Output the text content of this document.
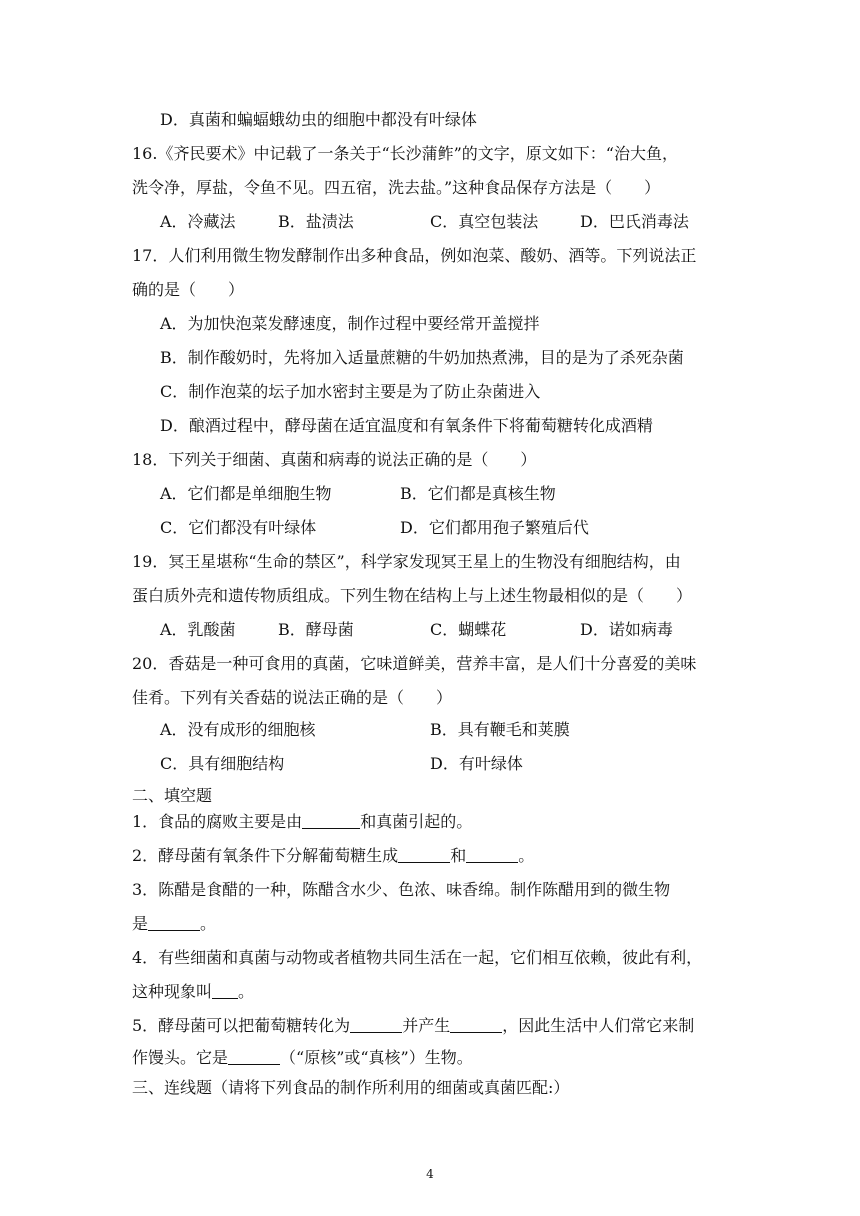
D．真菌和蝙蝠蛾幼虫的细胞中都没有叶绿体
16.《齐民要术》中记载了一条关于“长沙蒲鲊”的文字，原文如下：“治大鱼，
洗令净，厚盐，令鱼不见。四五宿，洗去盐。”这种食品保存方法是（　　）
A．冷藏法	B．盐渍法	C．真空包装法	D．巴氏消毒法
17．人们利用微生物发酵制作出多种食品，例如泡菜、酸奶、酒等。下列说法正
确的是（　　）
A．为加快泡菜发酵速度，制作过程中要经常开盖搅拌
B．制作酸奶时，先将加入适量蔗糖的牛奶加热煮沸，目的是为了杀死杂菌
C．制作泡菜的坛子加水密封主要是为了防止杂菌进入
D．酿酒过程中，酵母菌在适宜温度和有氧条件下将葡萄糖转化成酒精
18．下列关于细菌、真菌和病毒的说法正确的是（　　）
A．它们都是单细胞生物	B．它们都是真核生物
C．它们都没有叶绿体	D．它们都用孢子繁殖后代
19．冥王星堪称“生命的禁区”，科学家发现冥王星上的生物没有细胞结构，由
蛋白质外壳和遗传物质组成。下列生物在结构上与上述生物最相似的是（　　）
A．乳酸菌	B．酵母菌	C．蝴蝶花	D．诺如病毒
20．香菇是一种可食用的真菌，它味道鲜美，营养丰富，是人们十分喜爱的美味
佳肴。下列有关香菇的说法正确的是（　　）
A．没有成形的细胞核	B．具有鞭毛和荚膜
C．具有细胞结构	D．有叶绿体
二、填空题
1．食品的腐败主要是由	和真菌引起的。
2．酵母菌有氧条件下分解葡萄糖生成	和	。
3．陈醋是食醋的一种，陈醋含水少、色浓、味香绵。制作陈醋用到的微生物
是	。
4．有些细菌和真菌与动物或者植物共同生活在一起，它们相互依赖，彼此有利，
这种现象叫 。
5．酵母菌可以把葡萄糖转化为	并产生	，因此生活中人们常它来制
作馒头。它是	（“原核”或“真核”）生物。
三、连线题（请将下列食品的制作所利用的细菌或真菌匹配:）
4
